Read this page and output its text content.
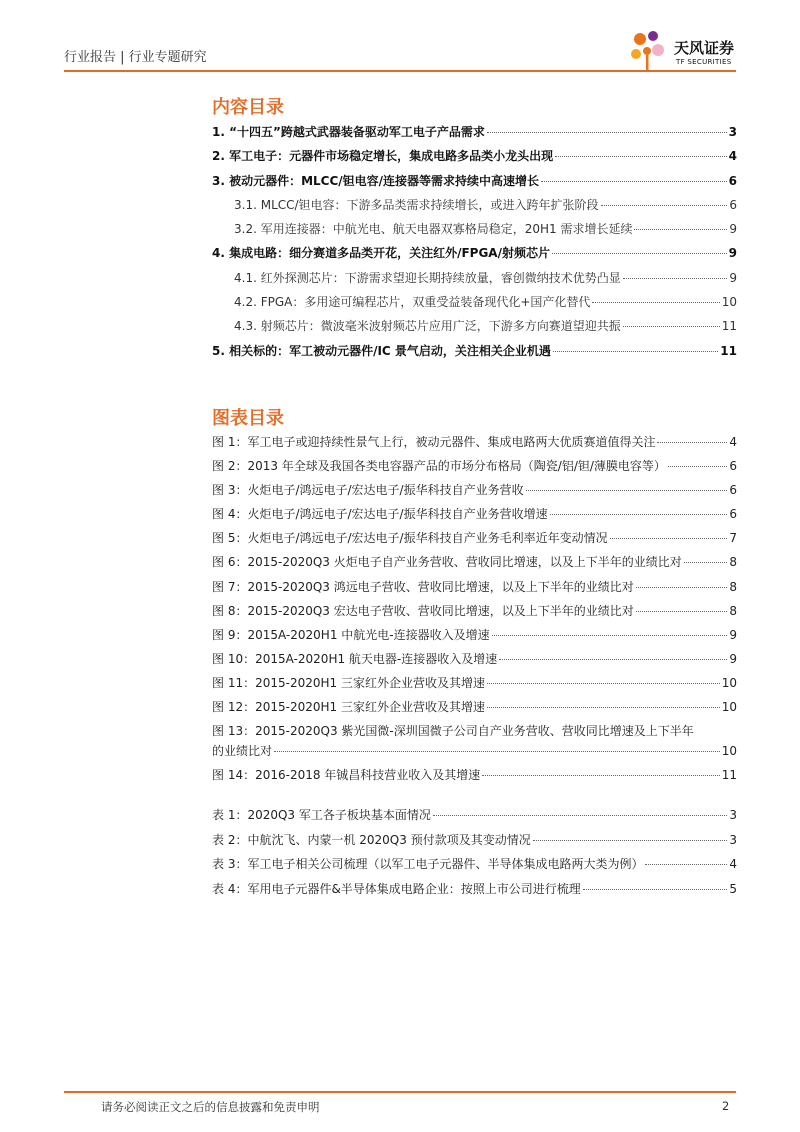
行业报告 | 行业专题研究
天风证券
TF SECURITIES
内容目录
1. “十四五”跨越式武器装备驱动军工电子产品需求	3
2. 军工电子：元器件市场稳定增长，集成电路多品类小龙头出现	4
3. 被动元器件：MLCC/钽电容/连接器等需求持续中高速增长	6
3.1. MLCC/钽电容：下游多品类需求持续增长，或进入跨年扩张阶段	6
3.2. 军用连接器：中航光电、航天电器双寡格局稳定，20H1 需求增长延续	9
4. 集成电路：细分赛道多品类开花，关注红外/FPGA/射频芯片	9
4.1. 红外探测芯片：下游需求望迎长期持续放量，睿创微纳技术优势凸显	9
4.2. FPGA：多用途可编程芯片，双重受益装备现代化+国产化替代	10
4.3. 射频芯片：微波毫米波射频芯片应用广泛，下游多方向赛道望迎共振	11
5. 相关标的：军工被动元器件/IC 景气启动，关注相关企业机遇	11
图表目录
图 1：军工电子或迎持续性景气上行，被动元器件、集成电路两大优质赛道值得关注	4
图 2：2013 年全球及我国各类电容器产品的市场分布格局（陶瓷/铝/钽/薄膜电容等）	6
图 3：火炬电子/鸿远电子/宏达电子/振华科技自产业务营收	6
图 4：火炬电子/鸿远电子/宏达电子/振华科技自产业务营收增速	6
图 5：火炬电子/鸿远电子/宏达电子/振华科技自产业务毛利率近年变动情况	7
图 6：2015-2020Q3 火炬电子自产业务营收、营收同比增速，以及上下半年的业绩比对	8
图 7：2015-2020Q3 鸿远电子营收、营收同比增速，以及上下半年的业绩比对	8
图 8：2015-2020Q3 宏达电子营收、营收同比增速，以及上下半年的业绩比对	8
图 9：2015A-2020H1 中航光电-连接器收入及增速	9
图 10：2015A-2020H1 航天电器-连接器收入及增速	9
图 11：2015-2020H1 三家红外企业营收及其增速	10
图 12：2015-2020H1 三家红外企业营收及其增速	10
图 13：2015-2020Q3 紫光国微-深圳国微子公司自产业务营收、营收同比增速及上下半年
的业绩比对	10
图 14：2016-2018 年铖昌科技营业收入及其增速	11
表 1：2020Q3 军工各子板块基本面情况	3
表 2：中航沈飞、内蒙一机 2020Q3 预付款项及其变动情况	3
表 3：军工电子相关公司梳理（以军工电子元器件、半导体集成电路两大类为例）	4
表 4：军用电子元器件&半导体集成电路企业：按照上市公司进行梳理	5
请务必阅读正文之后的信息披露和免责申明	2
